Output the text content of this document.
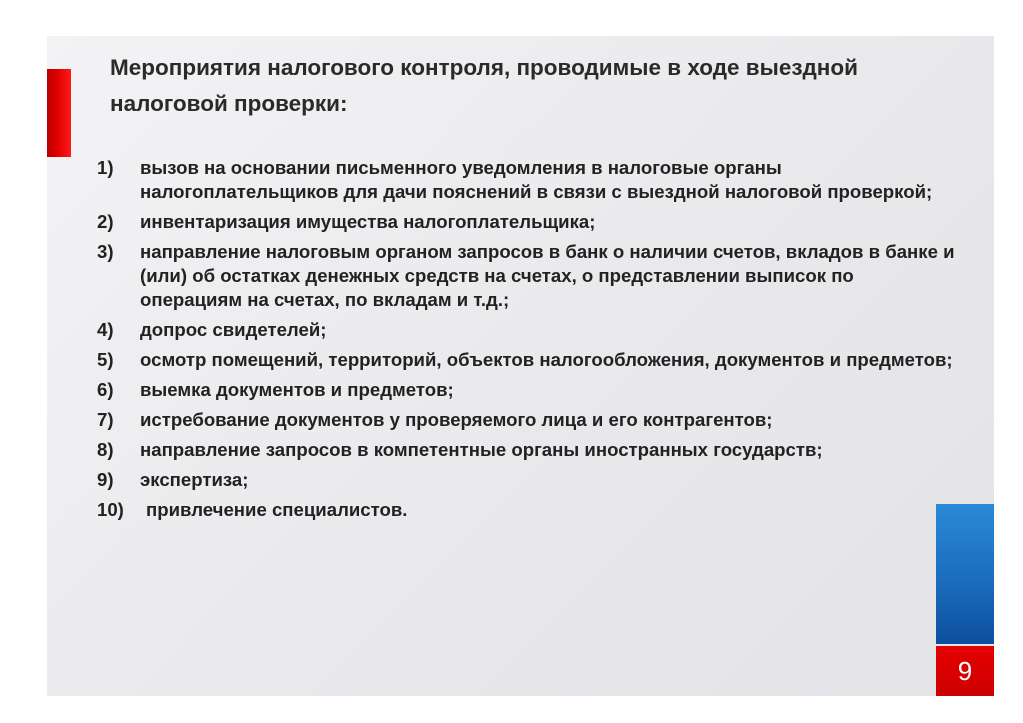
Мероприятия налогового контроля, проводимые в ходе выездной налоговой проверки:
1)	вызов на основании письменного уведомления в налоговые органы налогоплательщиков для дачи пояснений в связи с выездной налоговой проверкой;
2)	инвентаризация имущества налогоплательщика;
3)	направление налоговым органом запросов в банк о наличии счетов, вкладов в банке и (или) об остатках денежных средств на счетах, о представлении выписок по операциям на счетах, по вкладам и т.д.;
4)	допрос свидетелей;
5)	осмотр помещений, территорий, объектов налогообложения, документов и предметов;
6)	выемка документов и предметов;
7)	истребование документов у проверяемого лица и его контрагентов;
8)	направление запросов в компетентные органы иностранных государств;
9)	экспертиза;
10)	привлечение специалистов.
9
